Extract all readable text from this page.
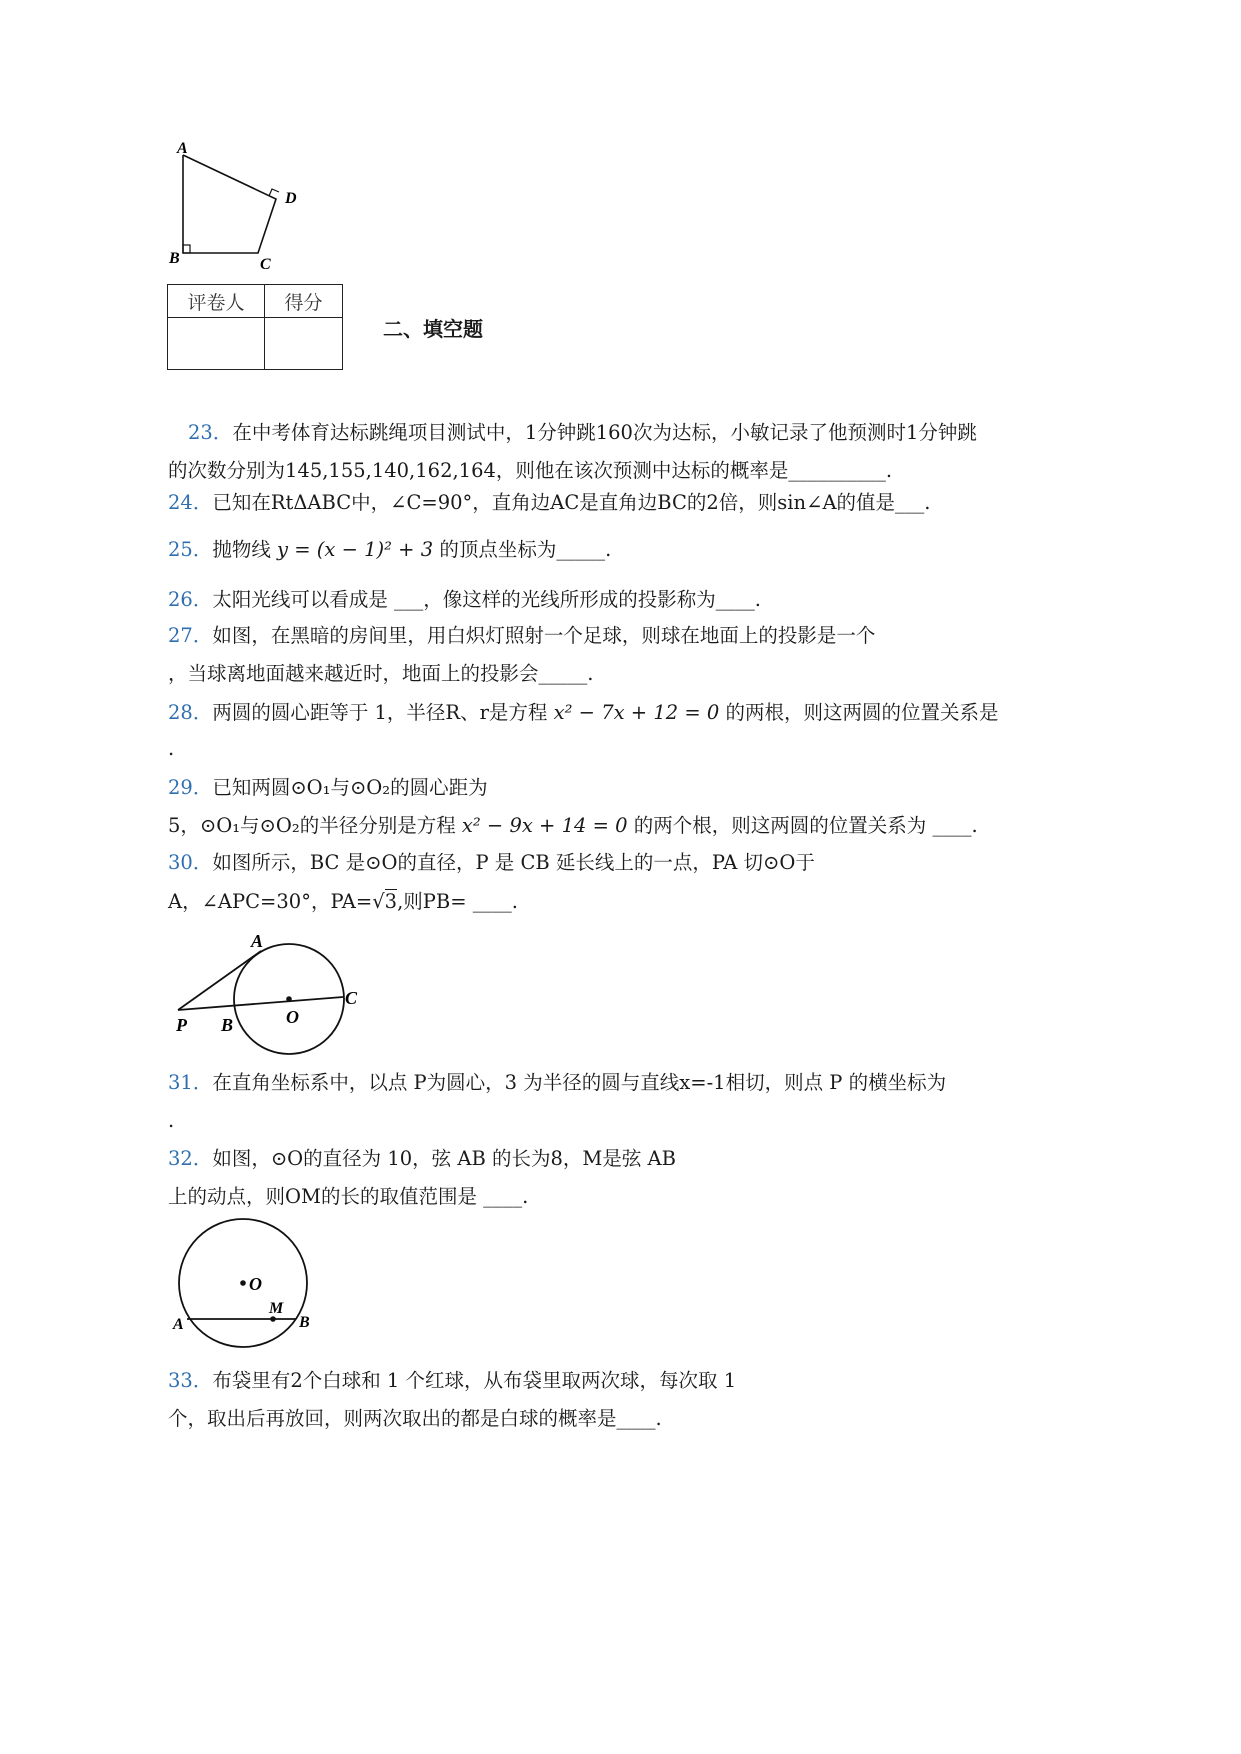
A
D
B	C
评卷人	得分

二、填空题
23．在中考体育达标跳绳项目测试中，1分钟跳160次为达标，小敏记录了他预测时1分钟跳
的次数分别为145,155,140,162,164，则他在该次预测中达标的概率是__________.
24．已知在RtΔABC中，∠C=90°，直角边AC是直角边BC的2倍，则sin∠A的值是___.
25．抛物线 y = (x − 1)² + 3 的顶点坐标为_____.
26．太阳光线可以看成是 ___，像这样的光线所形成的投影称为____.
27．如图，在黑暗的房间里，用白炽灯照射一个足球，则球在地面上的投影是一个
，当球离地面越来越近时，地面上的投影会_____.
28．两圆的圆心距等于 1，半径R、r是方程 x² − 7x + 12 = 0 的两根，则这两圆的位置关系是
.
29．已知两圆⊙O₁与⊙O₂的圆心距为
5，⊙O₁与⊙O₂的半径分别是方程 x² − 9x + 14 = 0 的两个根，则这两圆的位置关系为 ____.
30．如图所示，BC 是⊙O的直径，P 是 CB 延长线上的一点，PA 切⊙O于
A，∠APC=30°，PA=√3,则PB= ____.
A
C
P B	O
31．在直角坐标系中，以点 P为圆心，3 为半径的圆与直线x=-1相切，则点 P 的横坐标为
.
32．如图，⊙O的直径为 10，弦 AB 的长为8，M是弦 AB
上的动点，则OM的长的取值范围是 ____.
O
M
A	B
33．布袋里有2个白球和 1 个红球，从布袋里取两次球，每次取 1
个，取出后再放回，则两次取出的都是白球的概率是____.
